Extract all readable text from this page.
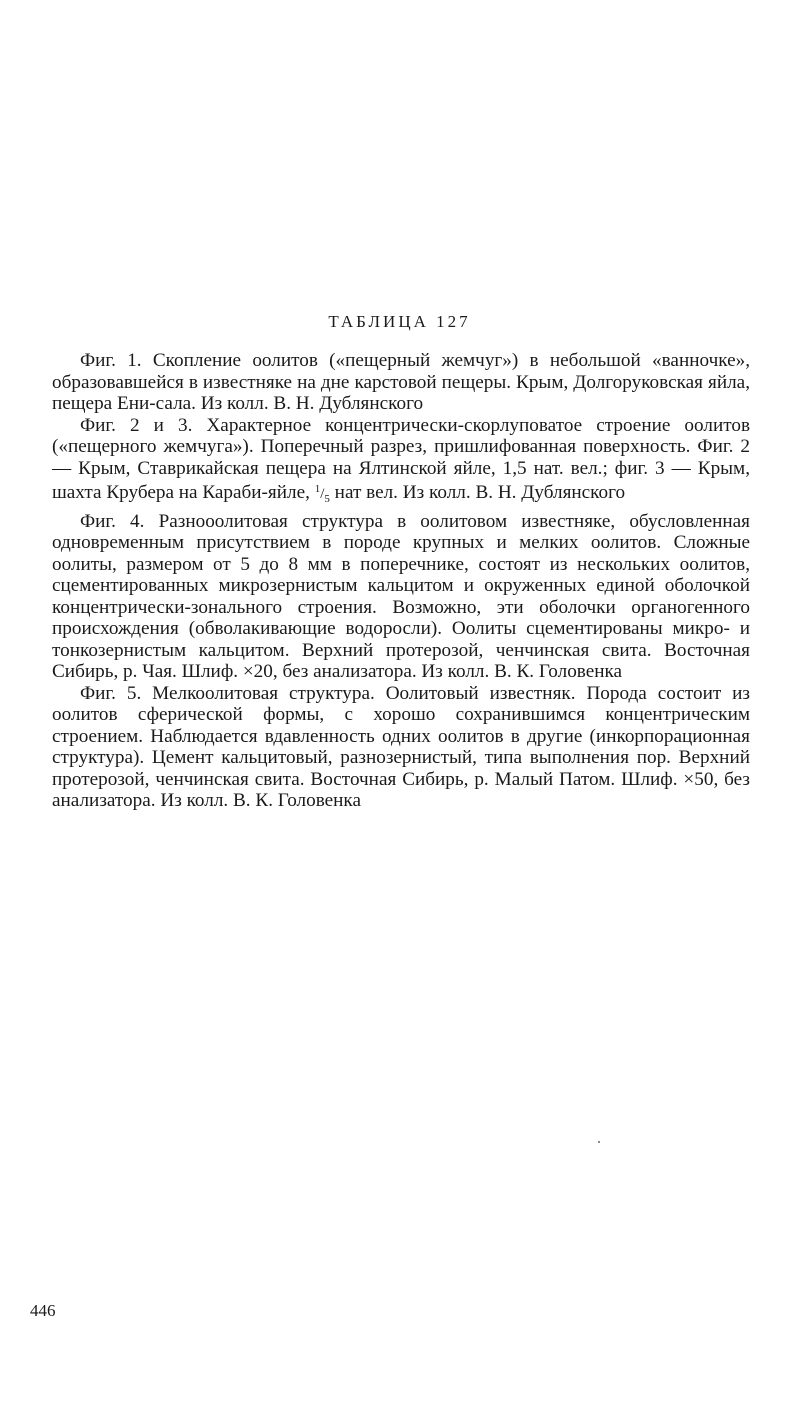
ТАБЛИЦА 127

Фиг. 1. Скопление оолитов («пещерный жемчуг») в небольшой «ванночке», образовавшейся в известняке на дне карстовой пещеры. Крым, Долгоруковская яйла, пещера Ени-сала. Из колл. В. Н. Дублянского

Фиг. 2 и 3. Характерное концентрически-скорлуповатое строение оолитов («пещерного жемчуга»). Поперечный разрез, пришлифованная поверхность. Фиг. 2 — Крым, Ставрикайская пещера на Ялтинской яйле, 1,5 нат. вел.; фиг. 3 — Крым, шахта Крубера на Караби-яйле, $^1/_5$ нат вел. Из колл. В. Н. Дублянского

Фиг. 4. Разнооолитовая структура в оолитовом известняке, обусловленная одновременным присутствием в породе крупных и мелких оолитов. Сложные оолиты, размером от 5 до 8 мм в поперечнике, состоят из нескольких оолитов, сцементированных микрозернистым кальцитом и окруженных единой оболочкой концентрически-зонального строения. Возможно, эти оболочки органогенного происхождения (обволакивающие водоросли). Оолиты сцементированы микро- и тонкозернистым кальцитом. Верхний протерозой, ченчинская свита. Восточная Сибирь, р. Чая. Шлиф. ×20, без анализатора. Из колл. В. К. Головенка

Фиг. 5. Мелкоолитовая структура. Оолитовый известняк. Порода состоит из оолитов сферической формы, с хорошо сохранившимся концентрическим строением. Наблюдается вдавленность одних оолитов в другие (инкорпорационная структура). Цемент кальцитовый, разнозернистый, типа выполнения пор. Верхний протерозой, ченчинская свита. Восточная Сибирь, р. Малый Патом. Шлиф. ×50, без анализатора. Из колл. В. К. Головенка

446
